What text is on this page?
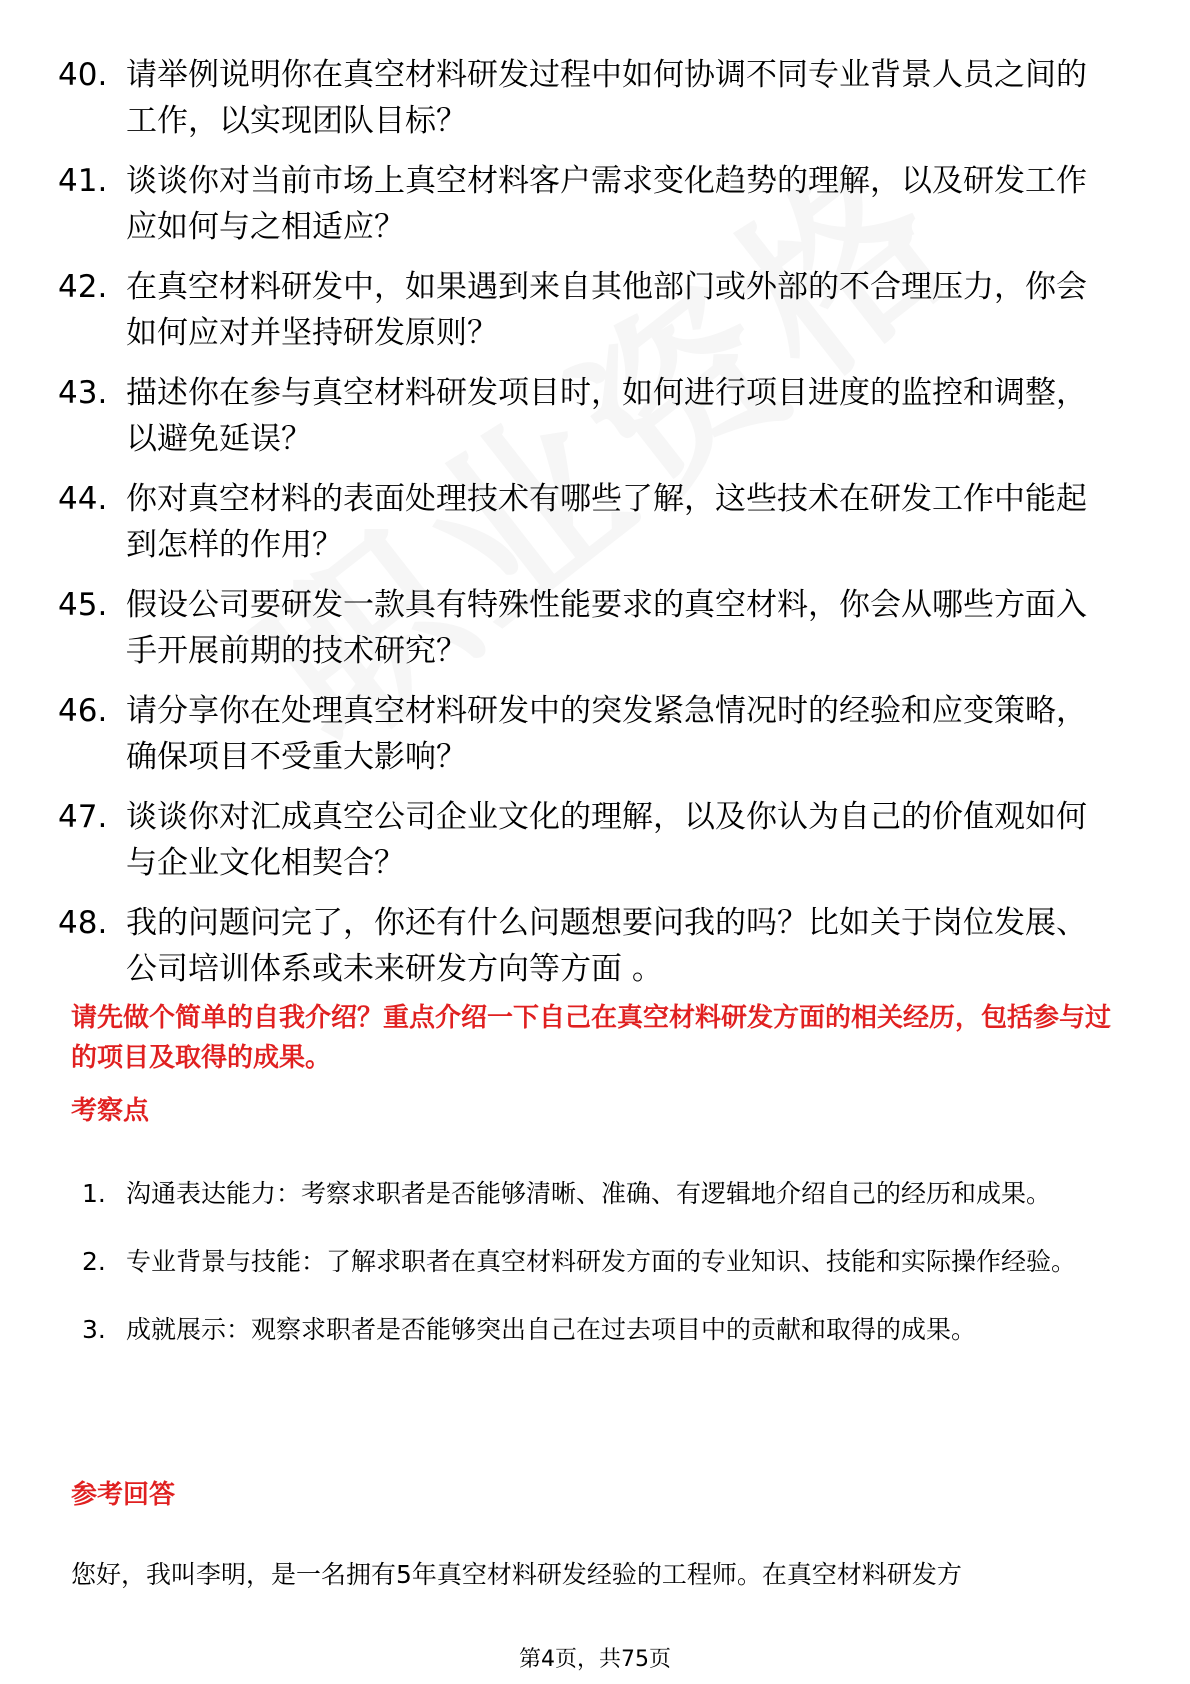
40. 请举例说明你在真空材料研发过程中如何协调不同专业背景人员之间的工作，以实现团队目标？
41. 谈谈你对当前市场上真空材料客户需求变化趋势的理解，以及研发工作应如何与之相适应？
42. 在真空材料研发中，如果遇到来自其他部门或外部的不合理压力，你会如何应对并坚持研发原则？
43. 描述你在参与真空材料研发项目时，如何进行项目进度的监控和调整，以避免延误？
44. 你对真空材料的表面处理技术有哪些了解，这些技术在研发工作中能起到怎样的作用？
45. 假设公司要研发一款具有特殊性能要求的真空材料，你会从哪些方面入手开展前期的技术研究？
46. 请分享你在处理真空材料研发中的突发紧急情况时的经验和应变策略，确保项目不受重大影响？
47. 谈谈你对汇成真空公司企业文化的理解，以及你认为自己的价值观如何与企业文化相契合？
48. 我的问题问完了，你还有什么问题想要问我的吗？比如关于岗位发展、公司培训体系或未来研发方向等方面 。

请先做个简单的自我介绍？重点介绍一下自己在真空材料研发方面的相关经历，包括参与过的项目及取得的成果。

考察点
1. 沟通表达能力：考察求职者是否能够清晰、准确、有逻辑地介绍自己的经历和成果。
2. 专业背景与技能：了解求职者在真空材料研发方面的专业知识、技能和实际操作经验。
3. 成就展示：观察求职者是否能够突出自己在过去项目中的贡献和取得的成果。
参考回答

您好，我叫李明，是一名拥有5年真空材料研发经验的工程师。在真空材料研发方

第4页，共75页
